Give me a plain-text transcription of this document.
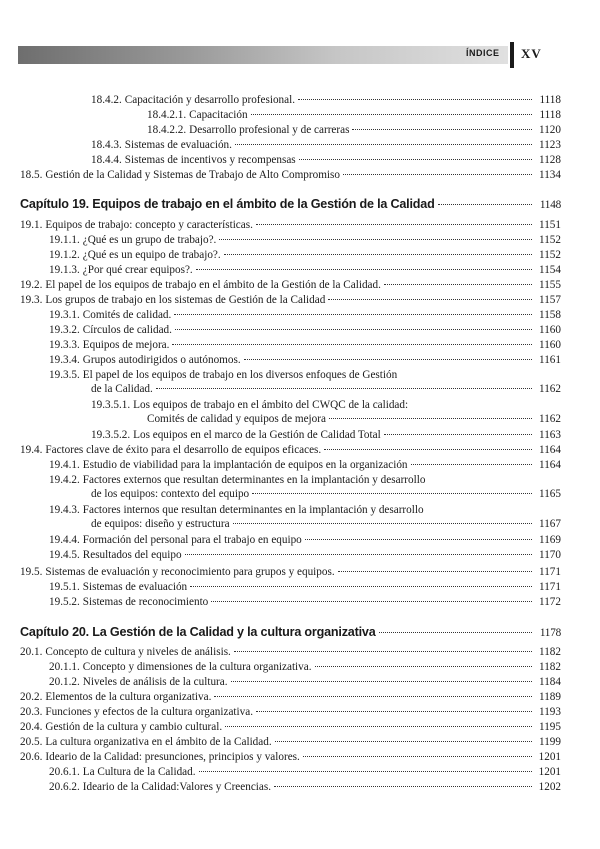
ÍNDICE XV
18.4.2. Capacitación y desarrollo profesional.	1118
18.4.2.1. Capacitación	1118
18.4.2.2. Desarrollo profesional y de carreras	1120
18.4.3. Sistemas de evaluación.	1123
18.4.4. Sistemas de incentivos y recompensas	1128
18.5. Gestión de la Calidad y Sistemas de Trabajo de Alto Compromiso	1134
Capítulo 19. Equipos de trabajo en el ámbito de la Gestión de la Calidad	1148
19.1. Equipos de trabajo: concepto y características.	1151
19.1.1. ¿Qué es un grupo de trabajo?.	1152
19.1.2. ¿Qué es un equipo de trabajo?.	1152
19.1.3. ¿Por qué crear equipos?.	1154
19.2. El papel de los equipos de trabajo en el ámbito de la Gestión de la Calidad.	1155
19.3. Los grupos de trabajo en los sistemas de Gestión de la Calidad	1157
19.3.1. Comités de calidad.	1158
19.3.2. Círculos de calidad.	1160
19.3.3. Equipos de mejora.	1160
19.3.4. Grupos autodirigidos o autónomos.	1161
19.3.5. El papel de los equipos de trabajo en los diversos enfoques de Gestión
de la Calidad.	1162
19.3.5.1. Los equipos de trabajo en el ámbito del CWQC de la calidad:
Comités de calidad y equipos de mejora	1162
19.3.5.2. Los equipos en el marco de la Gestión de Calidad Total	1163
19.4. Factores clave de éxito para el desarrollo de equipos eficaces.	1164
19.4.1. Estudio de viabilidad para la implantación de equipos en la organización	1164
19.4.2. Factores externos que resultan determinantes en la implantación y desarrollo
de los equipos: contexto del equipo	1165
19.4.3. Factores internos que resultan determinantes en la implantación y desarrollo
de equipos: diseño y estructura	1167
19.4.4. Formación del personal para el trabajo en equipo	1169
19.4.5. Resultados del equipo	1170
19.5. Sistemas de evaluación y reconocimiento para grupos y equipos.	1171
19.5.1. Sistemas de evaluación	1171
19.5.2. Sistemas de reconocimiento	1172
Capítulo 20. La Gestión de la Calidad y la cultura organizativa	1178
20.1. Concepto de cultura y niveles de análisis.	1182
20.1.1. Concepto y dimensiones de la cultura organizativa.	1182
20.1.2. Niveles de análisis de la cultura.	1184
20.2. Elementos de la cultura organizativa.	1189
20.3. Funciones y efectos de la cultura organizativa.	1193
20.4. Gestión de la cultura y cambio cultural.	1195
20.5. La cultura organizativa en el ámbito de la Calidad.	1199
20.6. Ideario de la Calidad: presunciones, principios y valores.	1201
20.6.1. La Cultura de la Calidad.	1201
20.6.2. Ideario de la Calidad:Valores y Creencias.	1202
